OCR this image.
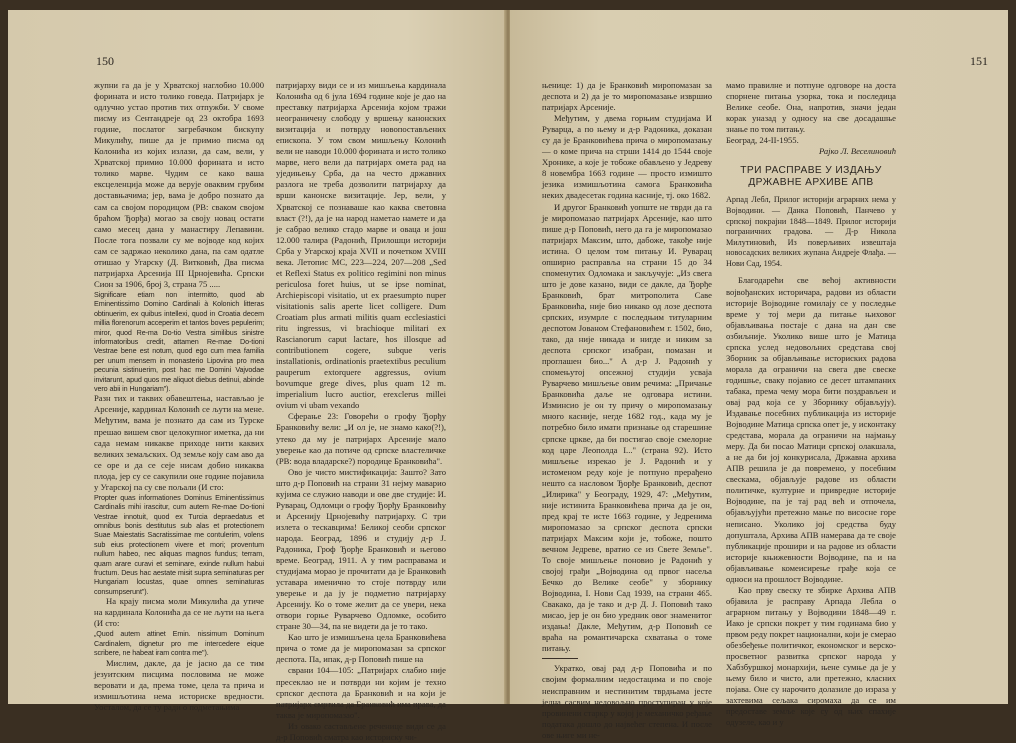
150

жупни га да је у Хрватској наглобио 10.000 форината и исто толико говеда. Патријарх је одлучно устао против тих отпужби. У своме писму из Сентандреје од 23 октобра 1693 године, послатог загребачком бискупу Микулићу, пише да је примио писма од Колонића из којих излази, да сам, вели, у Хрватској примио 10.000 форината и исто толико марве. Чудим се како ваша ексцеленција може да верује оваквим грубим доставњачима; јер, вама је добро познато да сам са својом породицом (РВ: сваком својом браћом Ђорђа) могао за своју новац остати само месец дана у манастиру Лепавини. После тога позвали су ме војводе код којих сам се задржао неколико дана, па сам одатле отишао у Угарску (Д. Витковић, Два писма патријарха Арсенија III Црнојевића. Српски Сион за 1906, број 3, страна 75 .....

Significare etiam non intermitto, quod ab Eminentissimo Domino Cardinali à Kolonich litteras obtinuerim, ex quibus intellexi, quod in Croatia decem millia florenorum acceperim et tantos boves pepulerim; miror, quod Re-ma Do-tio Vestra similibus sinistre informatoribus credit, attamen Re-mae Do-tioni Vestrae bene est notum, quod ego cum mea familia per unum mensem in monasterio Lipovina pro mea pecunia sistinuerim, post hac me Domini Vajvodae invitarunt, apud quos me aliquot diebus detinui, abinde vero abii in Hungariam").

Разн тих и таквих обавештења, настављао је Арсеније, кардинал Колонић се љути на мене. Међутим, вама је познато да сам из Турске прешао вишем свог целокупног иметка, да ни сада немам никакве приходе нити каквих великих земаљских. Од земље коју сам аво да се оре и да се сеје нисам добио никаква плода, јер су се сакупили оне године појавила у Угарској па су све пољали (И сто:

Propter quas informationes Dominus Eminentissimus Cardinalis mihi irascitur, cum autem Re-mae Do-tioni Vestrae innotuit, quod ex Turcia depraedatus et omnibus bonis destitutus sub alas et protectionem Suae Maiestatis Sacratissimae me contulerim, volens sub eius protectionem vivere et mori; proventum nullum habeo, nec aliquas magnos fundus; terram, quam arare curavi et seminare, exinde nullum habui fructum. Deus hac aestate misit supra seminaturas per Hungariam locustas, quae omnes seminaturas consumpserunt").

На крају писма моли Микулића да утиче на кардинала Колонића да се не љути на њега (И сто:

„Quod autem attinet Emin. nissimum Dominum Cardinalem, dignetur pro me intercedere eique scribere, ne habeat iram contra me").

Мислим, дакле, да је јасно да се тим језуитским писцима пословима не може веровати и да, према томе, цела та прича и измишљотина нема историске вредности. Уосталом, да се ту ради о подметањима

патријарху види се и из мишљења кардинала Колонића од 6 јула 1694 године које је дао на преставку патријарха Арсенија којом тражи неограничену слободу у вршењу канонских визитација и потврду новопостављених епископа. У том свом мишљењу Колонић вели не наводи 10.000 форината и исто толико марве, него вели да патријарх омета рад на уједињењу Срба, да на често државних разлога не треба дозволити патријарху да врши канонске визитације. Јер, вели, у Хрватској се познаваше као каква световна власт (?!), да је на народ наметао намете и да је сабрао велико стадо марве и оваца и још 12.000 талира (Радонић, Прилошци историји Срба у Угарској краја XVII и почетком XVIII века. Летопис МС, 223—224, 207—208 „Sed et Reflexi Status ex politico regimini non minus periculosa foret huius, ut se ipse nominat, Archiepiscopi visitatio, ut ex praesumpto nuper visitationis salis aperte licet colligere. Dum Croatiam plus armati militis quam ecclesiastici ritu ingressus, vi brachioque militari ex Rascianorum caput lactare, hos illosque ad contributionem cogere, subque veris installationis, ordinationis praetextibus peculium pauperum extorquere aggressus, ovium bovumque grege dives, plus quam 12 m. imperialium lucro auctior, erexclerus millei ovium vi ubam vexando

Сферање 23: Говорећи о грофу Ђорђу Бранковићу вели: „И ол је, не знамо како(?!), утеко да му је патријарх Арсеније мало уверење као да потиче од српске властеличке (РВ: вода владарске?) породице Бранковића".

Ово је чисто мистификација: Зашто? Зато што д-р Поповић на страни 31 нејму маварио кујима се служио наводи и ове две студије: И. Руварац, Одломци о грофу Ђорђу Бранковићу и Арсенију Црнојевићу патријарху. С три излета о тескавцима! Беликој сеоби српског народа. Београд, 1896 и студију д-р Ј. Радоника, Гроф Ђорђе Бранковић и његово време. Београд, 1911. А у тим расправама и студијама морао је прочитати да је Бранковић уставара именично то стоје потврду или уверење и да ју је подметио патријарху Арсенију. Ко о томе желит да се увери, нека отвори горње Руварчево Одломке, особито стране 30—34, па не видети да је то тако.

Као што је измишљена цела Бранковићева прича о томе да је миропомазан за српског деспота. Па, ипак, д-р Поповић пише на

сврани 104—105: „Патријарх слабио није пресеклао не и потврди ни којим је техно српског деспота да Бранковић и на који је патријарх смртила да Бранковић има права, да таква је миропомазао".

Из овако састављене реченице види се да д-р Поповић сматра као историску чи-

151

њенице: 1) да је Бранковић миропомазан за деспота и 2) да је то миропомазање извршио патријарх Арсеније.

Међутим, у двема горњим студијама И Руварца, а по њему и д-р Радоника, доказан су да је Бранковићева прича о миропомазању — о коме прича на стрши 1414 до 1544 своје Хронике, а које је тобоже обављено у Једреву 8 новембра 1663 године — просто измишто језика измишљотина самога Бранковића неких двадесетак година касније, тј. око 1682.

И другог Бранковић уопште не тврди да га је миропомазао патријарх Арсеније, као што пише д-р Поповић, него да га је миропомазао патријарх Максим, што, дабоже, такође није истина. О целом том питању И. Руварац опширно распрaвља на страни 15 до 34 споменутих Одломака и закључује: „Из свега што је дове казано, види се дакле, да Ђорђе Бранковић, брат митрополита Саве Бранковића, није био никако од лозе деспота српских, изумрле с последњим титуларним деспотом Јованом Стефановићем г. 1502, био, тако, да није никада и нигде и никим за деспота српског изабран, помазан и проглашен био..." А д-р Ј. Радонић у спомењутој опсежној студији усваја Руварчево мишљење овим речима: „Причање Бранковића даље не одговара истини. Изминсио је он ту причу о миропомазању много касније, негде 1682 год., када му је потребно било имати признање од старешине српске цркве, да би постигао своје смелорне код царе Леополда I..." (страна 92). Исто мишљење изрекао је Ј. Радонић и у истоменом реду које је потпуно прерађено нешто са насловом Ђорђе Бранковић, деспот „Илирика" у Београду, 1929, 47: „Међутим, није истинита Бранковићева прича да је он, пред крај те исте 1663 године, у Једренима миропомазао за српског деспота српски патријарх Максим који је, тобоже, пошто вечном Једреве, вратио се из Свете Земље". То своје мишљење поновио је Радонић у својој грађи „Војводина од првог насеља Бечко до Велике сеобе" у зборнику Војводина, I. Нови Сад 1939, на страни 465. Свакако, да је тако и д-р Д. Ј. Поповић тако мисао, јер је он био уредник овог знаменитог издања! Дакле, Међутим, д-р Поповић се враћа на романтичарска схватања о томе питању.

Укратко, овај рад д-р Поповића и по својим формалним недостацима и по своје неисправним и нестинитим тврдњама јесте једна сасвим недовољно проступиран у које провинени старкр у којој је механичко ређање података дошло до највећег степена. И после ове њиге ми не-

мамо правилне и потпуне одговоре на доста спорнене питања узорка, тока и последица Велике сеобе. Она, напротив, значи један корак уназад у односу на све досадашње знање по том питању.

Београд, 24-II-1955.

Рајко Л. Веселиновић

ТРИ РАСПРАВЕ У ИЗДАЊУ ДРЖАВНЕ АРХИВЕ АПВ

Арпад Лебл, Прилог историји аграрних нема у Војводини. — Данка Поповић, Панчево у српској покрајни 1848—1849. Прилог историји пограничних градова. — Д-р Никола Милутиновић, Из поверљивих извештаја новосадских великих жупана Андреје Флађа. — Нови Сад, 1954.

Благодарећи све већој активности војвођанских историчара, радови из области историје Војводине гомилају се у последње време у тој мери да питање њиховог објављивања постаје с дана на дан све озбиљније. Уколико више што је Матица српска услед недовољних средстава свој Зборник за објављивање историских радова морала да ограничи на свега две свеске годишње, сваку појавио се десет штампаних табака, према чему мора бити поздрављен и овај рад која се у Зборнику објављују). Издавање посебних публикација из историје Војводине Матица српска опет је, у исконтаку средстава, морала да ограничи на најмању меру. Да би посао Матици српској олакшала, а не да би јој конкурисала, Државна архива АПВ решила је да повремено, у посебним свескама, објављује радове из области политичке, културне и привредне историје Војводине, па је тај рад већ и отпочела, објављујући претежно мање по висосне горе неписано. Уколико јој средства буду допуштала, Архива АПВ намерава да те своје публикације прошири и на радове из области историје књижевности Војводине, па и на објављивање комеисирење грађе која се односи на прошлост Војводине.

Као прву свеску те збирке Архива АПВ објавила је расправу Арпада Лебла о аграрном питању у Војводини 1848—49 г. Иако је српски покрет у тим годинама био у првом реду покрет национални, који је смерао обезбеђење политичког, економског и верско-просветног развитка српског народа у Хабзбуршкој монархији, њене сумње да је у њему било и чисто, али претежно, класних појава. Оне су нарочито долазиле до израза у захтевима сељака сиромаха да се им предоставе земље које су од њих спахије одузеле, као и у
